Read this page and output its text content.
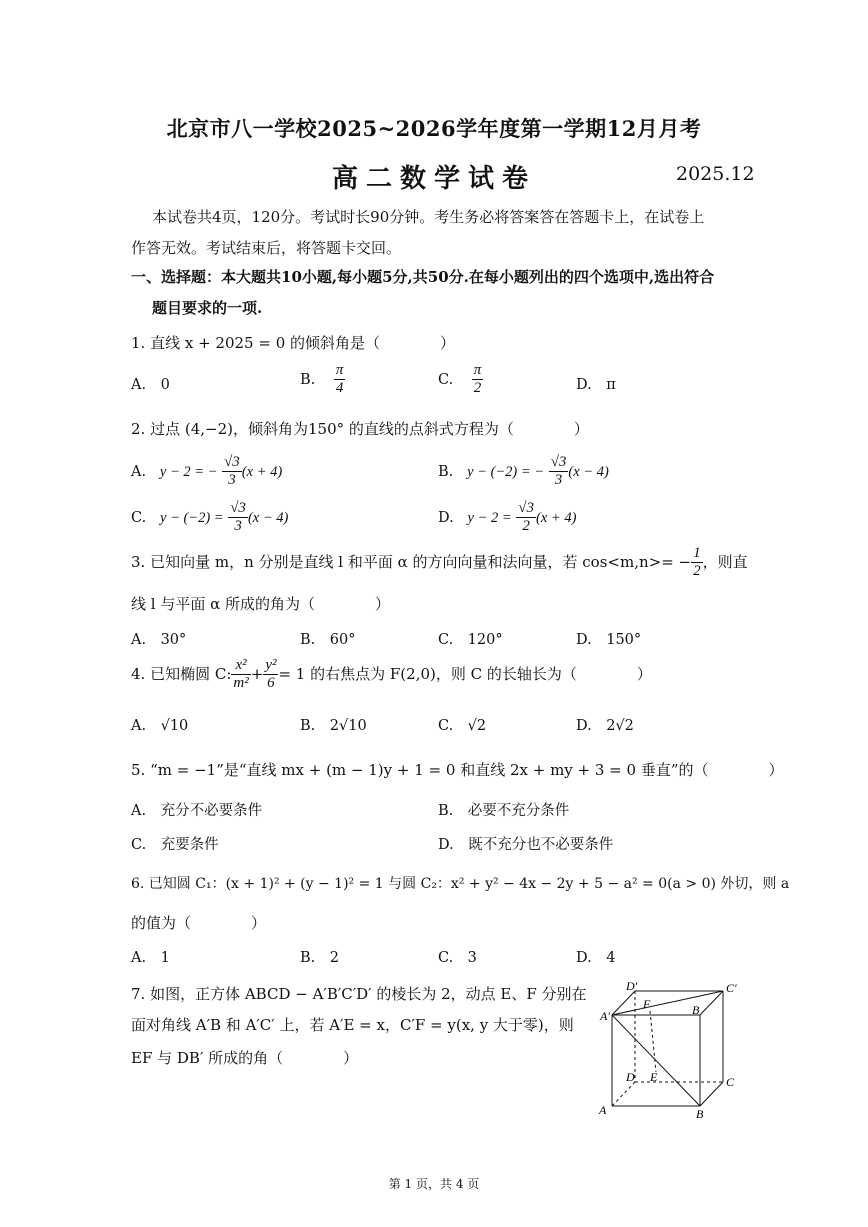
北京市八一学校2025~2026学年度第一学期12月月考
高二数学试卷	2025.12
本试卷共4页，120分。考试时长90分钟。考生务必将答案答在答题卡上，在试卷上
作答无效。考试结束后，将答题卡交回。
一、选择题：本大题共10小题,每小题5分,共50分.在每小题列出的四个选项中,选出符合
题目要求的一项.
1. 直线 x + 2025 = 0 的倾斜角是（　　　　）
A.　0	B. $\frac{\pi}{4}$	C. $\frac{\pi}{2}$	D.　π
2. 过点 (4,−2)，倾斜角为150° 的直线的点斜式方程为（　　　　）
A. y − 2 = − $\frac{√3}{3} (x + 4)$	B. y − (−2) = − $\frac{√3}{3} (x - 4)$
C. $y - (-2) = \frac{√3}{3} (x - 4)$	D. $y - 2 = \frac{√3}{2} (x + 4)$
3. 已知向量 m，n 分别是直线 l 和平面 α 的方向向量和法向量，若 $\cos<m,n>= - \frac{1}{2}$ ，则直
线 l 与平面 α 所成的角为（　　　　）
A.　30°	B.　60°	C.　120°	D.　150°
4. 已知椭圆 C: $\frac{\text{x²}}{\text{m²}} + \frac{\text{y²}}{6} = 1$ 的右焦点为 F(2,0)，则 C 的长轴长为（　　　　）
A.　√10	B.　2√10	C.　√2	D.　2√2
5. “m = −1”是“直线 mx + (m − 1)y + 1 = 0 和直线 2x + my + 3 = 0 垂直”的（　　　　）
A.　充分不必要条件	B.　必要不充分条件
C.　充要条件	D.　既不充分也不必要条件
6. 已知圆 C₁：(x + 1)² + (y − 1)² = 1 与圆 C₂：x² + y² − 4x − 2y + 5 − a² = 0(a > 0) 外切，则 a
的值为（　　　　）
A.　1	B.　2	C.　3	D.　4
7. 如图，正方体 ABCD − A′B′C′D′ 的棱长为 2，动点 E、F 分别在
面对角线 A′B 和 A′C′ 上，若 A′E = x，C′F = y(x, y 大于零)，则
EF 与 DB′ 所成的角（　　　　）
D′	C′
A′	B
F
D E	C
A	B
第 1 页，共 4 页
